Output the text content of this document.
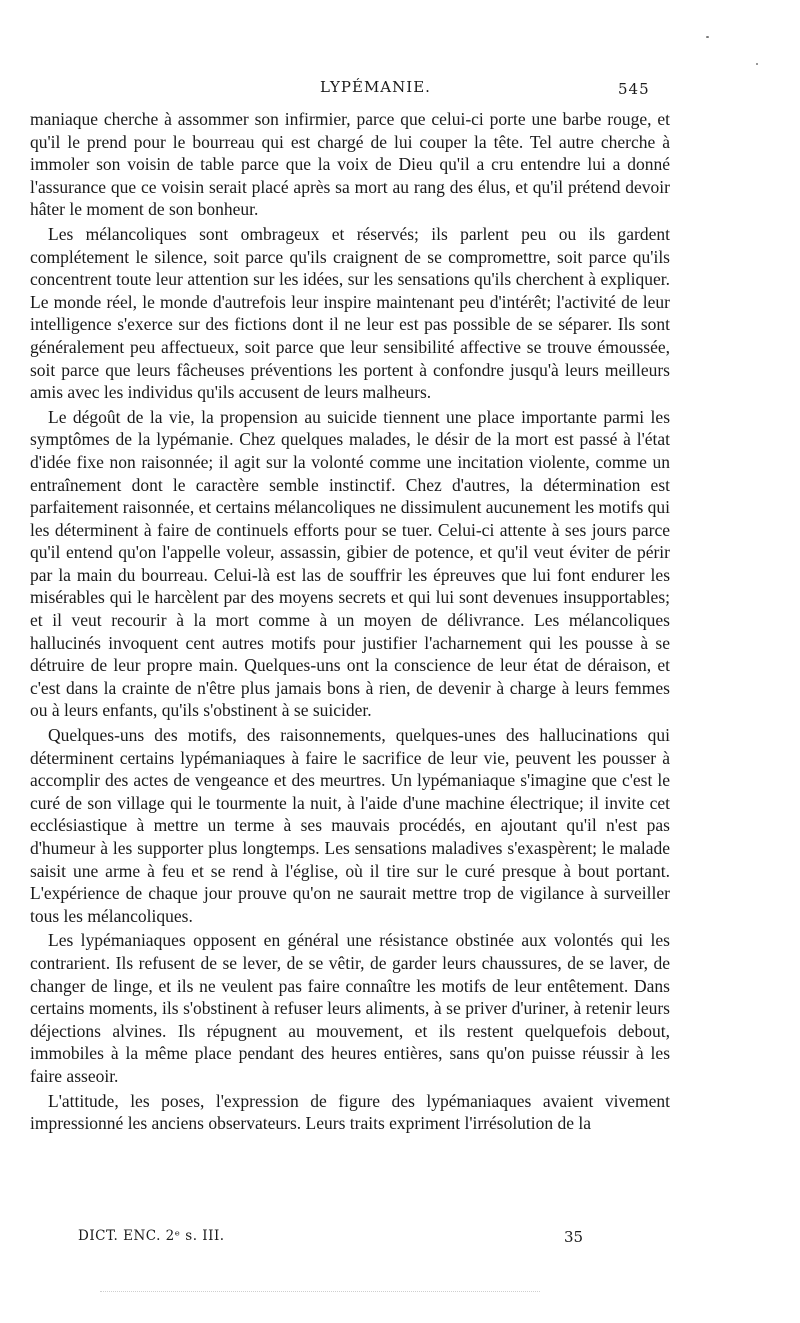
LYPÉMANIE.	545

maniaque cherche à assommer son infirmier, parce que celui-ci porte une barbe rouge, et qu'il le prend pour le bourreau qui est chargé de lui couper la tête. Tel autre cherche à immoler son voisin de table parce que la voix de Dieu qu'il a cru entendre lui a donné l'assurance que ce voisin serait placé après sa mort au rang des élus, et qu'il prétend devoir hâter le moment de son bonheur.

Les mélancoliques sont ombrageux et réservés; ils parlent peu ou ils gardent complétement le silence, soit parce qu'ils craignent de se compromettre, soit parce qu'ils concentrent toute leur attention sur les idées, sur les sensations qu'ils cherchent à expliquer. Le monde réel, le monde d'autrefois leur inspire maintenant peu d'intérêt; l'activité de leur intelligence s'exerce sur des fictions dont il ne leur est pas possible de se séparer. Ils sont généralement peu affectueux, soit parce que leur sensibilité affective se trouve émoussée, soit parce que leurs fâcheuses préventions les portent à confondre jusqu'à leurs meilleurs amis avec les individus qu'ils accusent de leurs malheurs.

Le dégoût de la vie, la propension au suicide tiennent une place importante parmi les symptômes de la lypémanie. Chez quelques malades, le désir de la mort est passé à l'état d'idée fixe non raisonnée; il agit sur la volonté comme une incitation violente, comme un entraînement dont le caractère semble instinctif. Chez d'autres, la détermination est parfaitement raisonnée, et certains mélancoliques ne dissimulent aucunement les motifs qui les déterminent à faire de continuels efforts pour se tuer. Celui-ci attente à ses jours parce qu'il entend qu'on l'appelle voleur, assassin, gibier de potence, et qu'il veut éviter de périr par la main du bourreau. Celui-là est las de souffrir les épreuves que lui font endurer les misérables qui le harcèlent par des moyens secrets et qui lui sont devenues insupportables; et il veut recourir à la mort comme à un moyen de délivrance. Les mélancoliques hallucinés invoquent cent autres motifs pour justifier l'acharnement qui les pousse à se détruire de leur propre main. Quelques-uns ont la conscience de leur état de déraison, et c'est dans la crainte de n'être plus jamais bons à rien, de devenir à charge à leurs femmes ou à leurs enfants, qu'ils s'obstinent à se suicider.

Quelques-uns des motifs, des raisonnements, quelques-unes des hallucinations qui déterminent certains lypémaniaques à faire le sacrifice de leur vie, peuvent les pousser à accomplir des actes de vengeance et des meurtres. Un lypémaniaque s'imagine que c'est le curé de son village qui le tourmente la nuit, à l'aide d'une machine électrique; il invite cet ecclésiastique à mettre un terme à ses mauvais procédés, en ajoutant qu'il n'est pas d'humeur à les supporter plus longtemps. Les sensations maladives s'exaspèrent; le malade saisit une arme à feu et se rend à l'église, où il tire sur le curé presque à bout portant. L'expérience de chaque jour prouve qu'on ne saurait mettre trop de vigilance à surveiller tous les mélancoliques.

Les lypémaniaques opposent en général une résistance obstinée aux volontés qui les contrarient. Ils refusent de se lever, de se vêtir, de garder leurs chaussures, de se laver, de changer de linge, et ils ne veulent pas faire connaître les motifs de leur entêtement. Dans certains moments, ils s'obstinent à refuser leurs aliments, à se priver d'uriner, à retenir leurs déjections alvines. Ils répugnent au mouvement, et ils restent quelquefois debout, immobiles à la même place pendant des heures entières, sans qu'on puisse réussir à les faire asseoir.

L'attitude, les poses, l'expression de figure des lypémaniaques avaient vivement impressionné les anciens observateurs. Leurs traits expriment l'irrésolution de la

DICT. ENC. 2ᵉ s. III.	35
